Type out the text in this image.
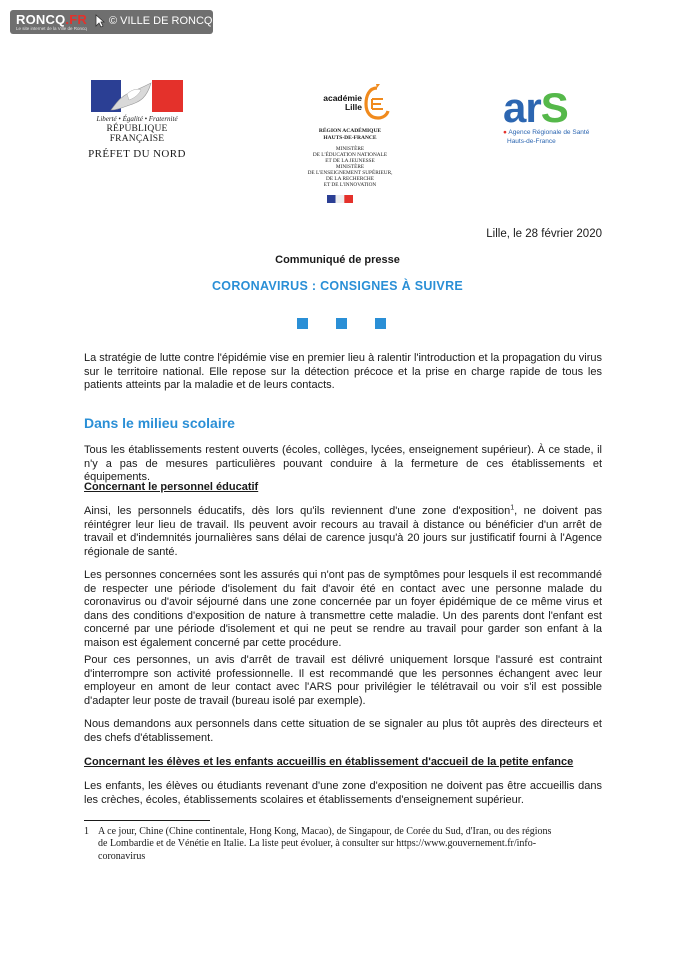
RONCQ.FR
Le site internet de la Ville de Roncq
© VILLE DE RONCQ
Liberté • Égalité • Fraternité
RÉPUBLIQUE FRANÇAISE
PRÉFET DU NORD
académie
Lille
RÉGION ACADÉMIQUE
HAUTS-DE-FRANCE
MINISTÈRE
DE L'ÉDUCATION NATIONALE
ET DE LA JEUNESSE
MINISTÈRE
DE L'ENSEIGNEMENT SUPÉRIEUR,
DE LA RECHERCHE
ET DE L'INNOVATION
arS
● Agence Régionale de Santé
Hauts-de-France
Lille, le 28 février 2020
Communiqué de presse
CORONAVIRUS : CONSIGNES À SUIVRE

La stratégie de lutte contre l'épidémie vise en premier lieu à ralentir l'introduction et la propagation du virus sur le territoire national. Elle repose sur la détection précoce et la prise en charge rapide de tous les patients atteints par la maladie et de leurs contacts.

Dans le milieu scolaire

Tous les établissements restent ouverts (écoles, collèges, lycées, enseignement supérieur). À ce stade, il n'y a pas de mesures particulières pouvant conduire à la fermeture de ces établissements et équipements.

Concernant le personnel éducatif

Ainsi, les personnels éducatifs, dès lors qu'ils reviennent d'une zone d'exposition$^1$, ne doivent pas réintégrer leur lieu de travail. Ils peuvent avoir recours au travail à distance ou bénéficier d'un arrêt de travail et d'indemnités journalières sans délai de carence jusqu'à 20 jours sur justificatif fourni à l'Agence régionale de santé.

Les personnes concernées sont les assurés qui n'ont pas de symptômes pour lesquels il est recommandé de respecter une période d'isolement du fait d'avoir été en contact avec une personne malade du coronavirus ou d'avoir séjourné dans une zone concernée par un foyer épidémique de ce même virus et dans des conditions d'exposition de nature à transmettre cette maladie. Un des parents dont l'enfant est concerné par une période d'isolement et qui ne peut se rendre au travail pour garder son enfant à la maison est également concerné par cette procédure.

Pour ces personnes, un avis d'arrêt de travail est délivré uniquement lorsque l'assuré est contraint d'interrompre son activité professionnelle. Il est recommandé que les personnes échangent avec leur employeur en amont de leur contact avec l'ARS pour privilégier le télétravail ou voir s'il est possible d'adapter leur poste de travail (bureau isolé par exemple).

Nous demandons aux personnels dans cette situation de se signaler au plus tôt auprès des directeurs et des chefs d'établissement.

Concernant les élèves et les enfants accueillis en établissement d'accueil de la petite enfance

Les enfants, les élèves ou étudiants revenant d'une zone d'exposition ne doivent pas être accueillis dans les crèches, écoles, établissements scolaires et établissements d'enseignement supérieur.

1 A ce jour, Chine (Chine continentale, Hong Kong, Macao), de Singapour, de Corée du Sud, d'Iran, ou des régions
de Lombardie et de Vénétie en Italie. La liste peut évoluer, à consulter sur https://www.gouvernement.fr/info-
coronavirus
